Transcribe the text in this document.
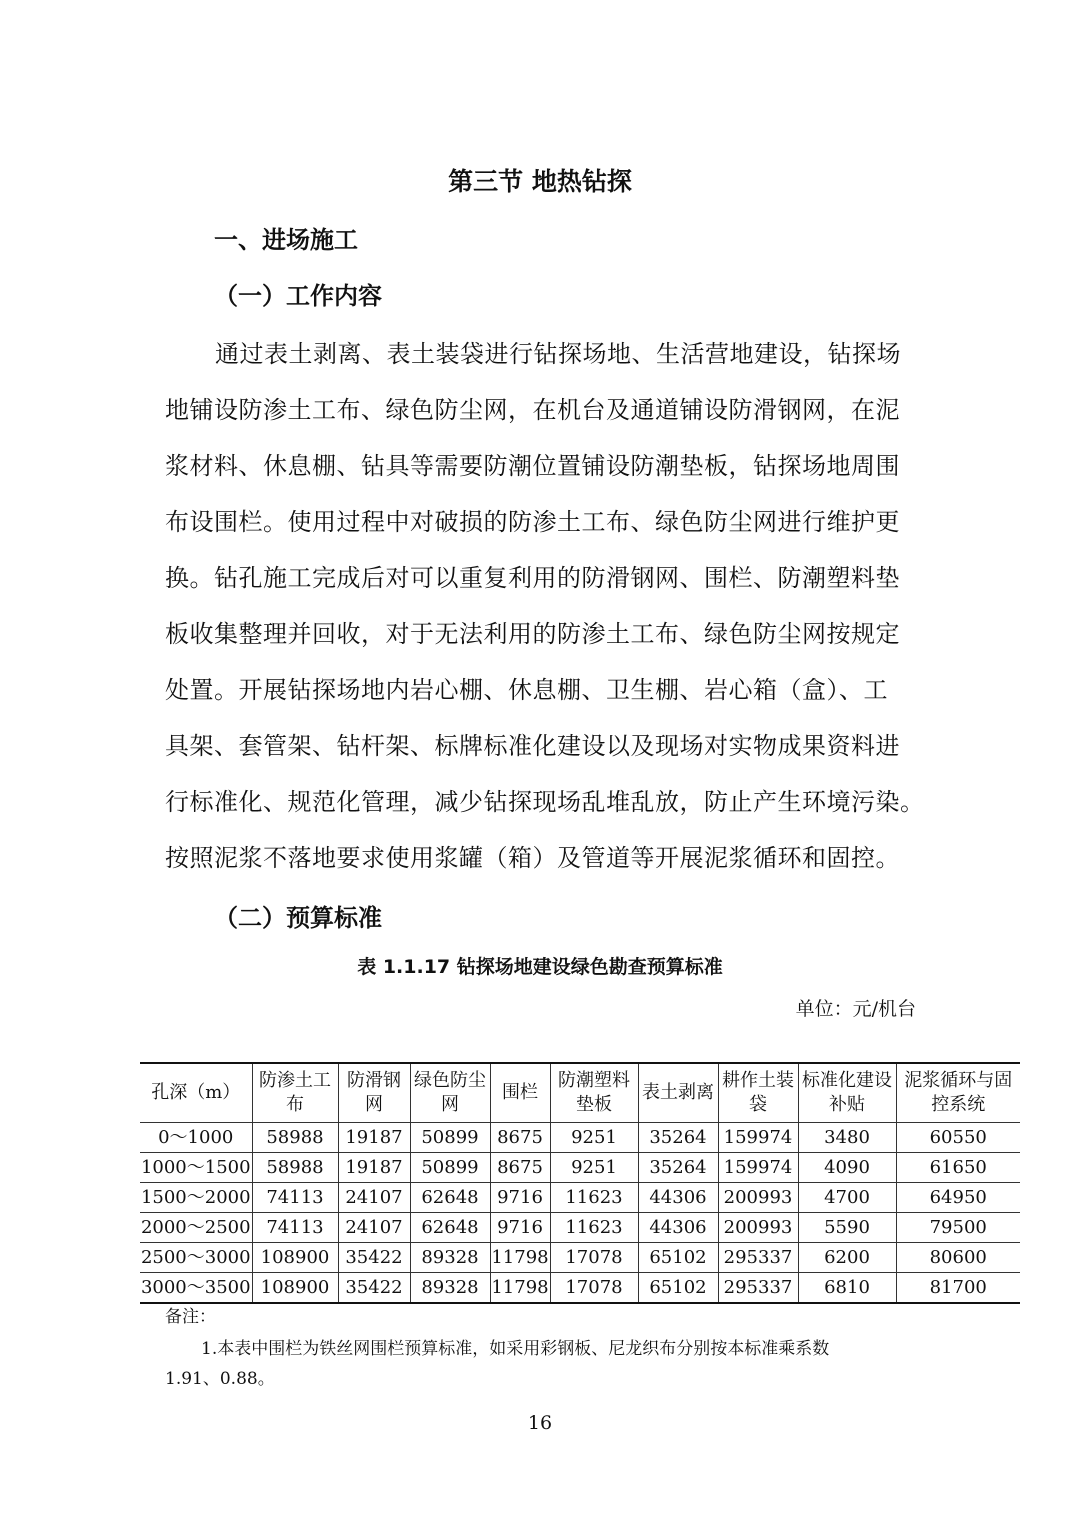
第三节 地热钻探
一、进场施工
（一）工作内容
通过表土剥离、表土装袋进行钻探场地、生活营地建设，钻探场
地铺设防渗土工布、绿色防尘网，在机台及通道铺设防滑钢网，在泥
浆材料、休息棚、钻具等需要防潮位置铺设防潮垫板，钻探场地周围
布设围栏。使用过程中对破损的防渗土工布、绿色防尘网进行维护更
换。钻孔施工完成后对可以重复利用的防滑钢网、围栏、防潮塑料垫
板收集整理并回收，对于无法利用的防渗土工布、绿色防尘网按规定
处置。开展钻探场地内岩心棚、休息棚、卫生棚、岩心箱（盒）、工
具架、套管架、钻杆架、标牌标准化建设以及现场对实物成果资料进
行标准化、规范化管理，减少钻探现场乱堆乱放，防止产生环境污染。
按照泥浆不落地要求使用浆罐（箱）及管道等开展泥浆循环和固控。
（二）预算标准
表 1.1.17 钻探场地建设绿色勘查预算标准
单位：元/机台
孔深（m）	防渗土工布	防滑钢网	绿色防尘网	围栏	防潮塑料垫板	表土剥离	耕作土装袋	标准化建设补贴	泥浆循环与固控系统
0～1000	58988	19187	50899	8675	9251	35264	159974	3480	60550
1000～1500	58988	19187	50899	8675	9251	35264	159974	4090	61650
1500～2000	74113	24107	62648	9716	11623	44306	200993	4700	64950
2000～2500	74113	24107	62648	9716	11623	44306	200993	5590	79500
2500～3000	108900	35422	89328	11798	17078	65102	295337	6200	80600
3000～3500	108900	35422	89328	11798	17078	65102	295337	6810	81700
备注：
1.本表中围栏为铁丝网围栏预算标准，如采用彩钢板、尼龙织布分别按本标准乘系数
1.91、0.88。
16
